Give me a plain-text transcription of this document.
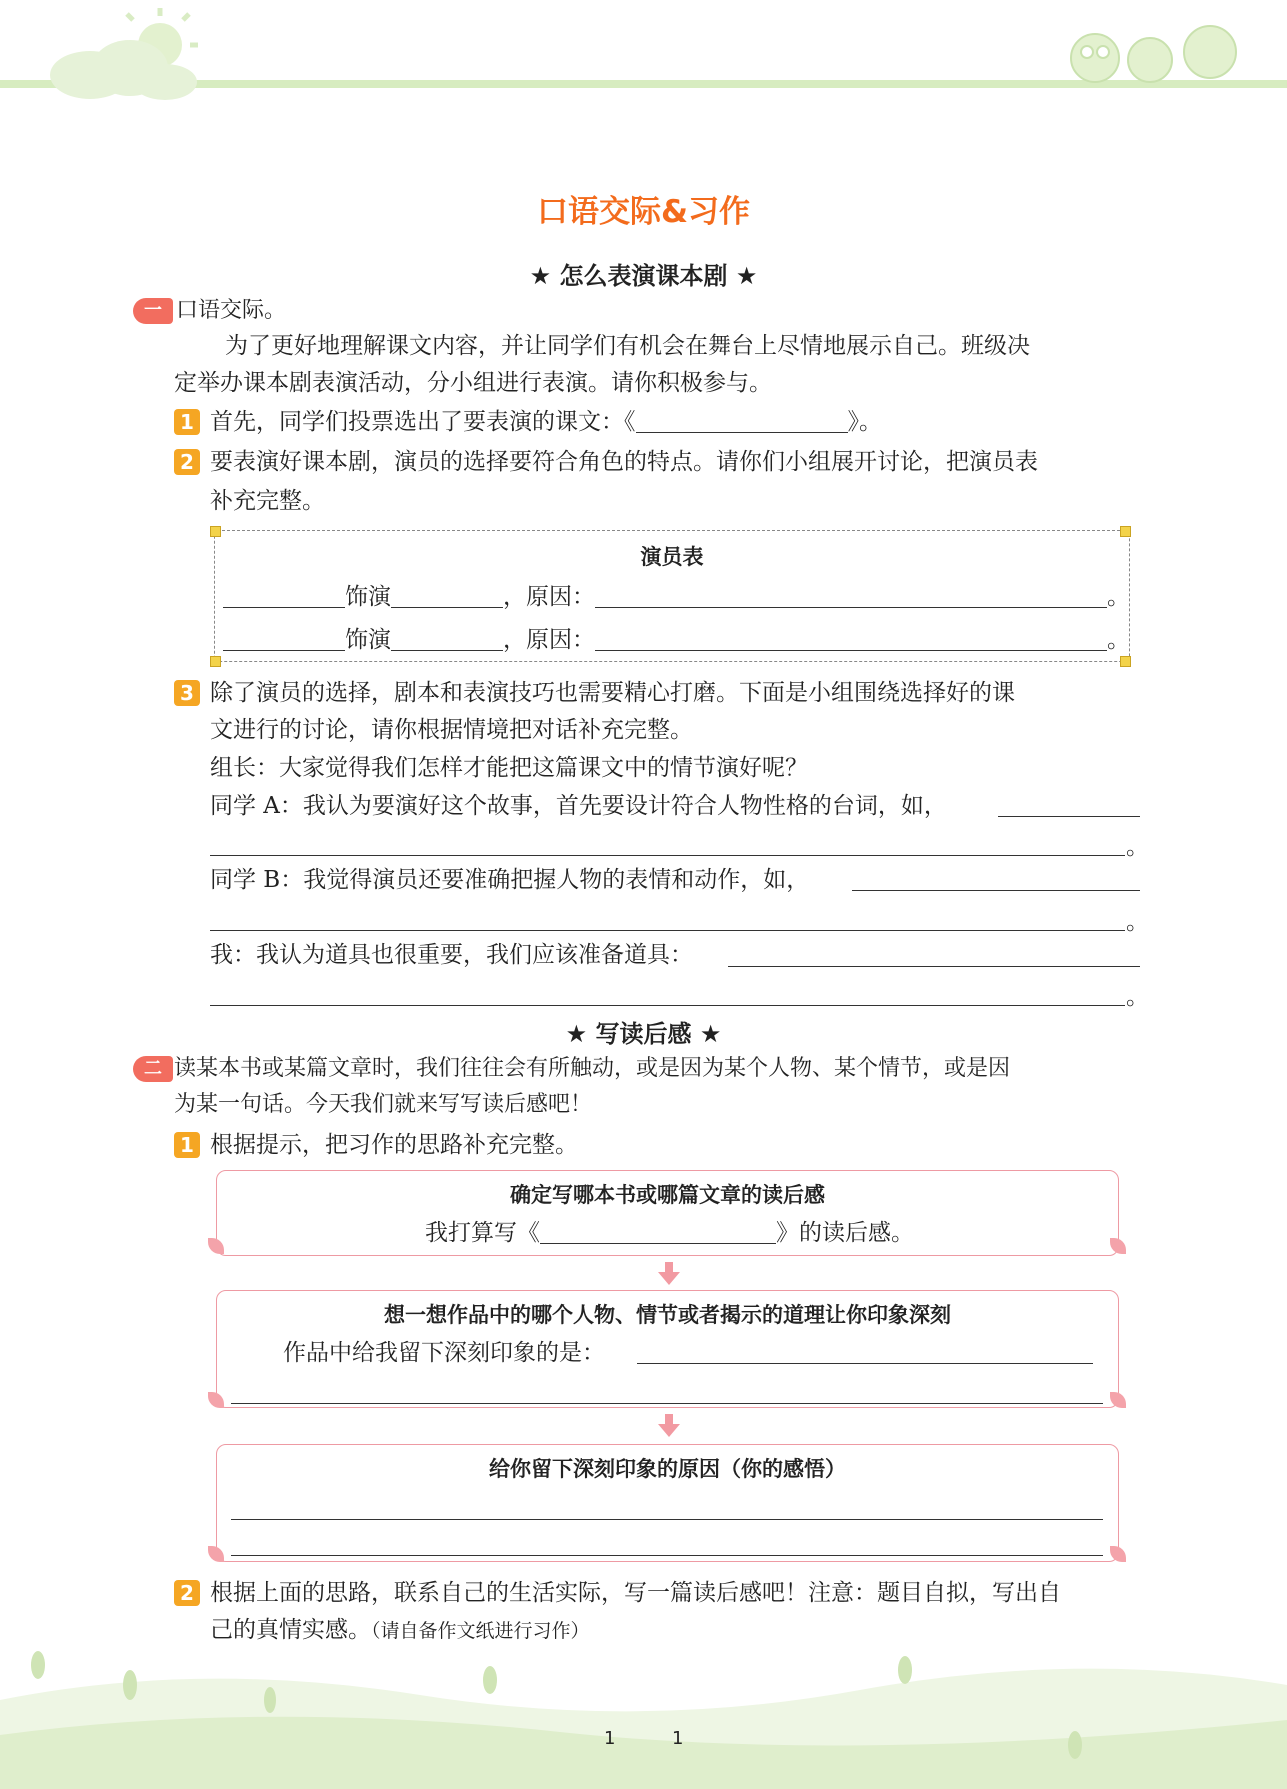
口语交际&习作
★ 怎么表演课本剧 ★
一 口语交际。
为了更好地理解课文内容，并让同学们有机会在舞台上尽情地展示自己。班级决
定举办课本剧表演活动，分小组进行表演。请你积极参与。
1 首先，同学们投票选出了要表演的课文：《	》。
2 要表演好课本剧，演员的选择要符合角色的特点。请你们小组展开讨论，把演员表
补充完整。
演员表
饰演	，原因：	。
饰演	，原因：	。
3 除了演员的选择，剧本和表演技巧也需要精心打磨。下面是小组围绕选择好的课
文进行的讨论，请你根据情境把对话补充完整。
组长：大家觉得我们怎样才能把这篇课文中的情节演好呢？
同学 A：我认为要演好这个故事，首先要设计符合人物性格的台词，如，
。
同学 B：我觉得演员还要准确把握人物的表情和动作，如，
。
我：我认为道具也很重要，我们应该准备道具：
。
★ 写读后感 ★
二 读某本书或某篇文章时，我们往往会有所触动，或是因为某个人物、某个情节，或是因
为某一句话。今天我们就来写写读后感吧！
1 根据提示，把习作的思路补充完整。
确定写哪本书或哪篇文章的读后感
我打算写《	》的读后感。
想一想作品中的哪个人物、情节或者揭示的道理让你印象深刻
作品中给我留下深刻印象的是：
给你留下深刻印象的原因（你的感悟）
2 根据上面的思路，联系自己的生活实际，写一篇读后感吧！注意：题目自拟，写出自
己的真情实感。（请自备作文纸进行习作）
1	1
